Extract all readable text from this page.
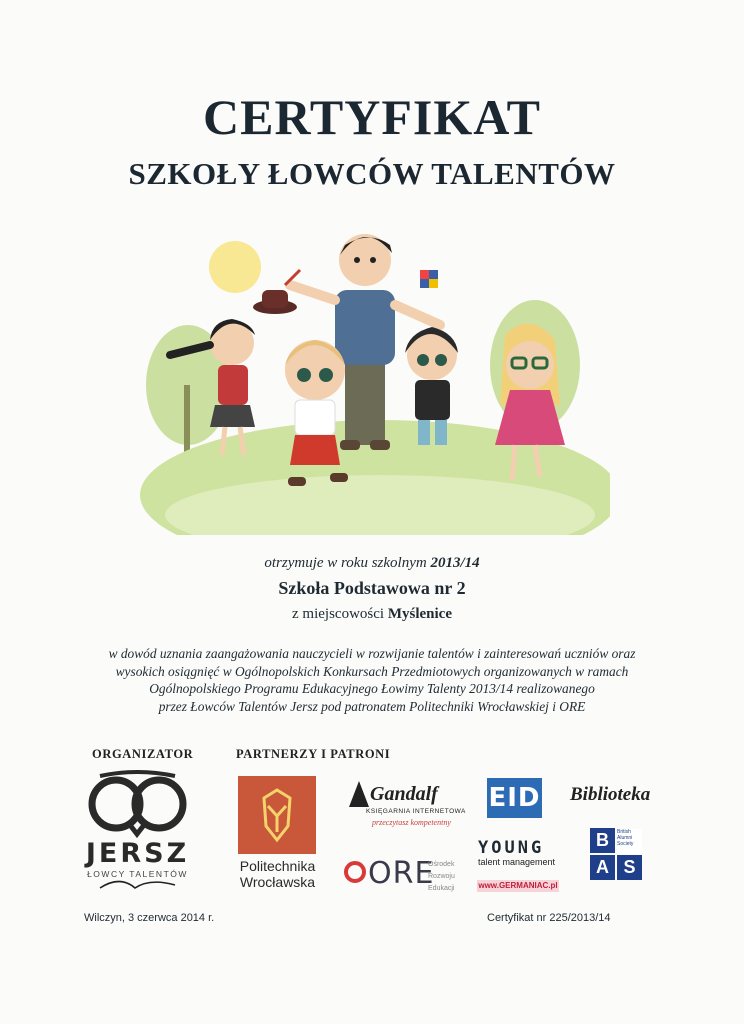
CERTYFIKAT
SZKOŁY ŁOWCÓW TALENTÓW
otrzymuje w roku szkolnym 2013/14
Szkoła Podstawowa nr 2
z miejscowości Myślenice
w dowód uznania zaangażowania nauczycieli w rozwijanie talentów i zainteresowań uczniów oraz
wysokich osiągnięć w Ogólnopolskich Konkursach Przedmiotowych organizowanych w ramach
Ogólnopolskiego Programu Edukacyjnego Łowimy Talenty 2013/14 realizowanego
przez Łowców Talentów Jersz pod patronatem Politechniki Wrocławskiej i ORE
ORGANIZATOR	PARTNERZY I PATRONI
JERSZ
ŁOWCY TALENTÓW
Wilczyn, 3 czerwca 2014 r.
Politechnika
Wrocławska
Gandalf
KSIĘGARNIA INTERNETOWA
przeczytasz kompetentny
ORE
Ośrodek
Rozwoju
Edukacji
EID Biblioteka
YOUNG
talent management
www.GERMANIAC.pl
B	British Alumni Society
A S
Certyfikat nr 225/2013/14
